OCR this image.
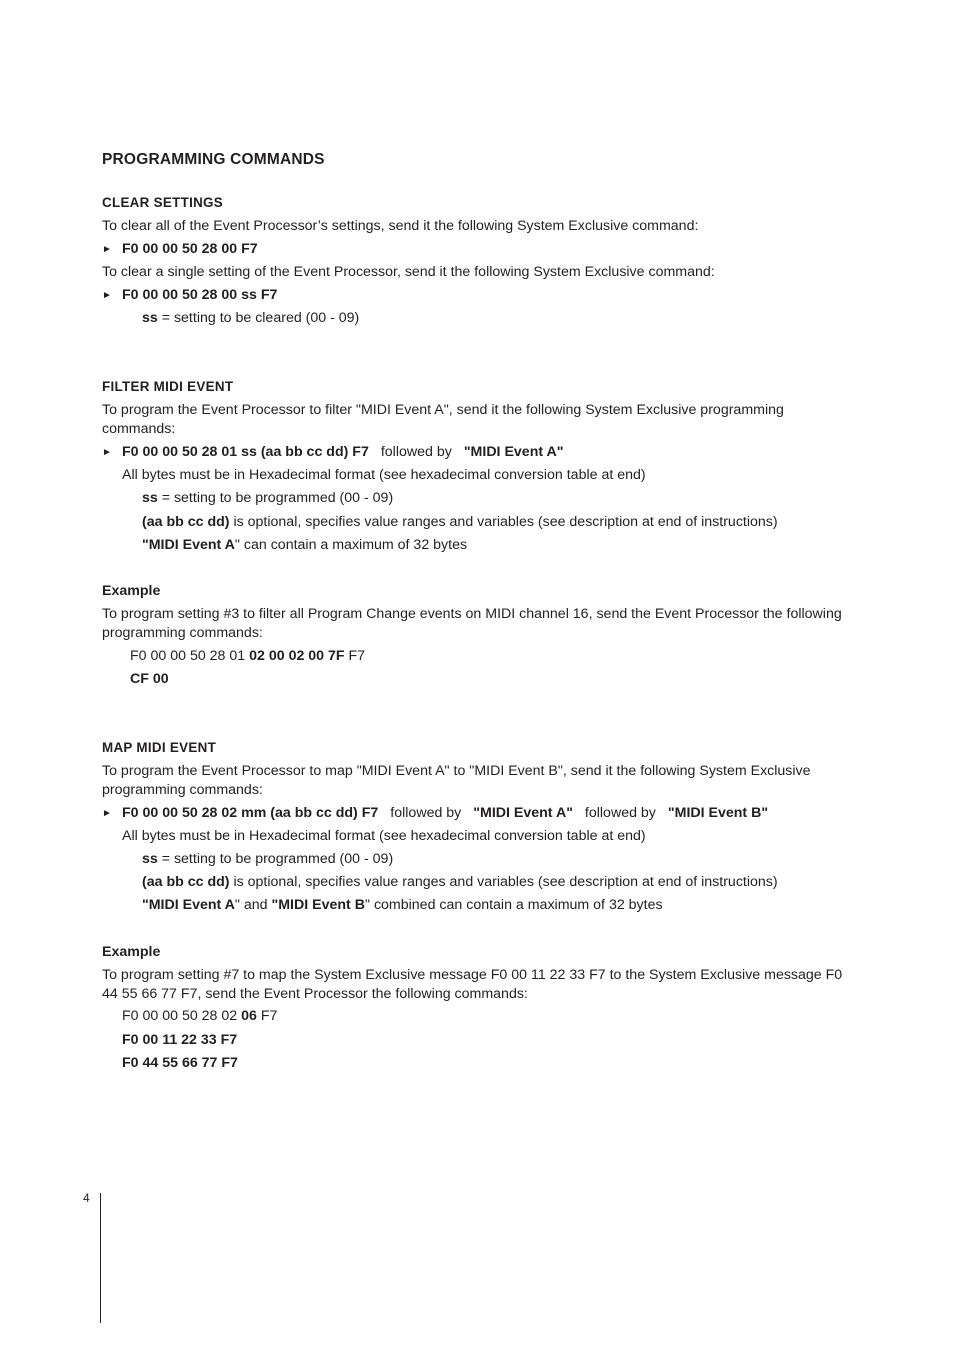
PROGRAMMING COMMANDS
CLEAR SETTINGS
To clear all of the Event Processor’s settings, send it the following System Exclusive command:
► F0 00 00 50 28 00 F7
To clear a single setting of the Event Processor, send it the following System Exclusive command:
► F0 00 00 50 28 00 ss F7
ss = setting to be cleared (00 - 09)
FILTER MIDI EVENT
To program the Event Processor to filter "MIDI Event A", send it the following System Exclusive programming commands:
► F0 00 00 50 28 01 ss (aa bb cc dd) F7 followed by "MIDI Event A"
All bytes must be in Hexadecimal format (see hexadecimal conversion table at end)
ss = setting to be programmed (00 - 09)
(aa bb cc dd) is optional, specifies value ranges and variables (see description at end of instructions)
"MIDI Event A" can contain a maximum of 32 bytes
Example
To program setting #3 to filter all Program Change events on MIDI channel 16, send the Event Processor the following programming commands:
F0 00 00 50 28 01 02 00 02 00 7F F7
CF 00
MAP MIDI EVENT
To program the Event Processor to map "MIDI Event A" to "MIDI Event B", send it the following System Exclusive programming commands:
► F0 00 00 50 28 02 mm (aa bb cc dd) F7 followed by "MIDI Event A" followed by "MIDI Event B"
All bytes must be in Hexadecimal format (see hexadecimal conversion table at end)
ss = setting to be programmed (00 - 09)
(aa bb cc dd) is optional, specifies value ranges and variables (see description at end of instructions)
"MIDI Event A" and "MIDI Event B" combined can contain a maximum of 32 bytes
Example
To program setting #7 to map the System Exclusive message F0 00 11 22 33 F7 to the System Exclusive message F0 44 55 66 77 F7, send the Event Processor the following commands:
F0 00 00 50 28 02 06 F7
F0 00 11 22 33 F7
F0 44 55 66 77 F7
4
